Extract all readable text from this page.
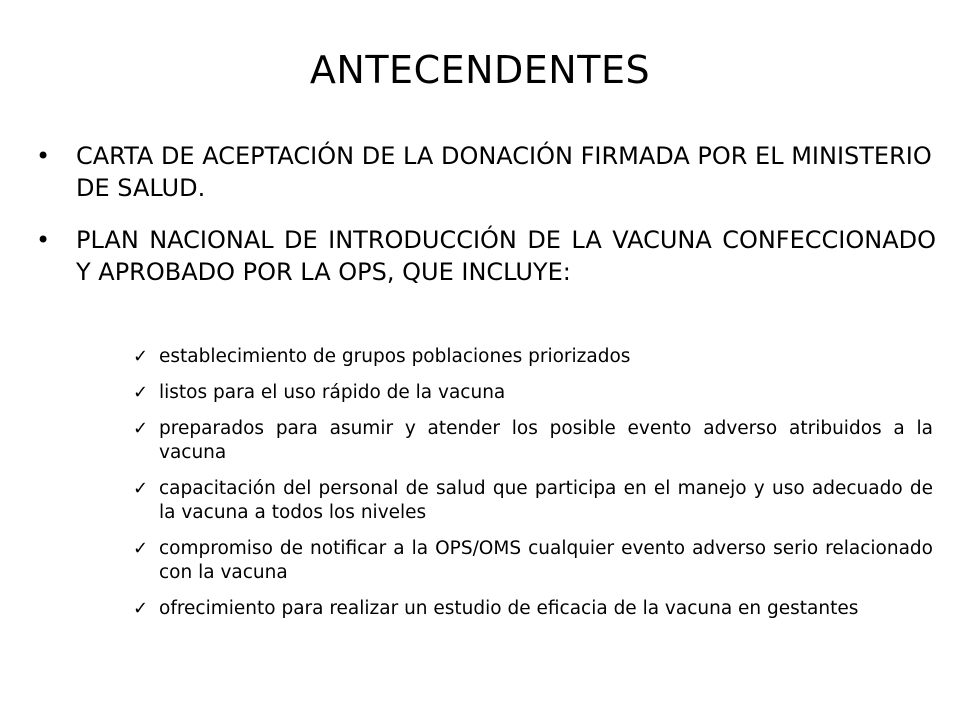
ANTECENDENTES
•	CARTA DE ACEPTACIÓN DE LA DONACIÓN FIRMADA POR EL MINISTERIO DE SALUD.
•	PLAN NACIONAL DE INTRODUCCIÓN DE LA VACUNA CONFECCIONADO Y APROBADO POR LA OPS, QUE INCLUYE:
✓ establecimiento de grupos poblaciones priorizados
✓ listos para el uso rápido de la vacuna
✓ preparados para asumir y atender los posible evento adverso atribuidos a la vacuna
✓ capacitación del personal de salud que participa en el manejo y uso adecuado de la vacuna a todos los niveles
✓ compromiso de notificar a la OPS/OMS cualquier evento adverso serio relacionado con la vacuna
✓ ofrecimiento para realizar un estudio de eficacia de la vacuna en gestantes
